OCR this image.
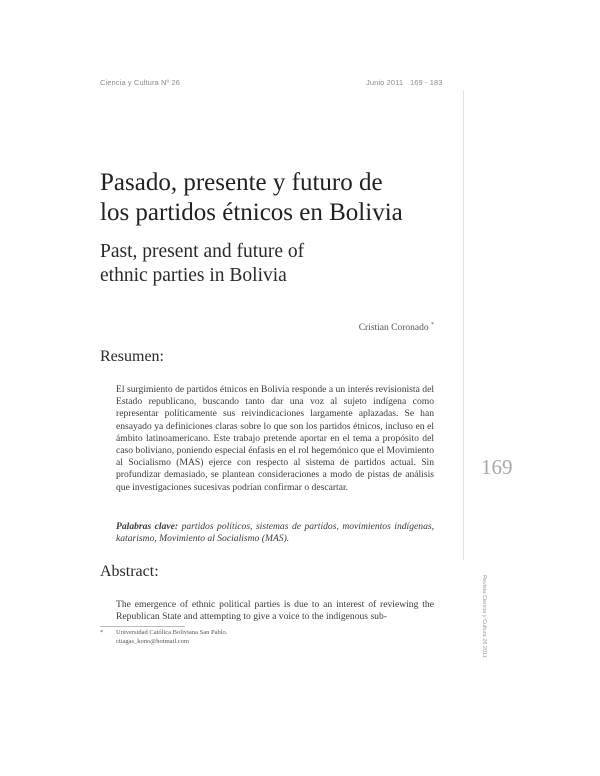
Ciencia y Cultura Nº 26	Junio 2011 169 - 183
Pasado, presente y futuro de
los partidos étnicos en Bolivia
Past, present and future of
ethnic parties in Bolivia
Cristian Coronado *
Resumen:
El surgimiento de partidos étnicos en Bolivia responde a un interés revisionista del Estado republicano, buscando tanto dar una voz al sujeto indígena como representar políticamente sus reivindicaciones largamente aplazadas. Se han ensayado ya definiciones claras sobre lo que son los partidos étnicos, incluso en el ámbito latinoamericano. Este trabajo pretende aportar en el tema a propósito del caso boliviano, poniendo especial énfasis en el rol hegemónico que el Movimiento al Socialismo (MAS) ejerce con respecto al sistema de partidos actual. Sin profundizar demasiado, se plantean consideraciones a modo de pistas de análisis que investigaciones sucesivas podrían confirmar o descartar.
Palabras clave: partidos políticos, sistemas de partidos, movimientos indígenas, katarismo, Movimiento al Socialismo (MAS).
Abstract:
The emergence of ethnic political parties is due to an interest of reviewing the Republican State and attempting to give a voice to the indigenous sub-
* Universidad Católica Boliviana San Pablo.
ctiagas_kono@hotmail.com
169
Revista Ciencia y Cultura 26 2011
